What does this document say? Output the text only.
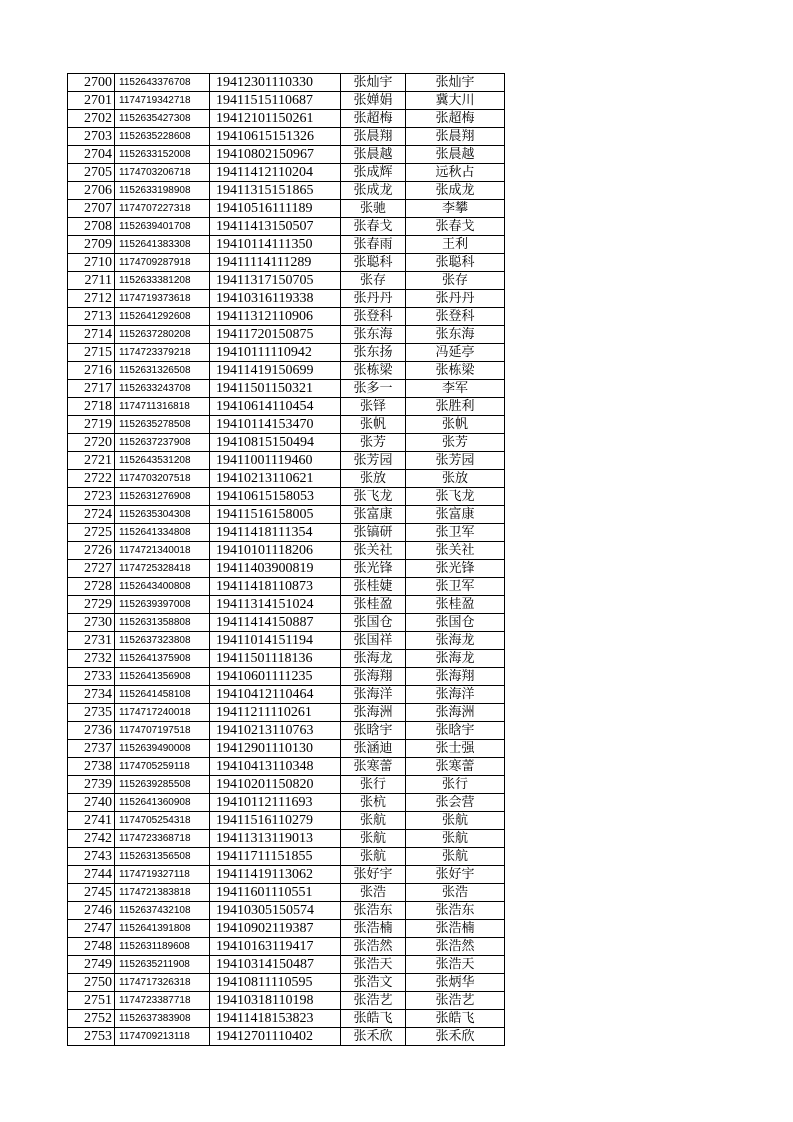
2700	1152643376708	19412301110330	张灿宇	张灿宇
2701	1174719342718	19411515110687	张婵娟	冀大川
2702	1152635427308	19412101150261	张超梅	张超梅
2703	1152635228608	19410615151326	张晨翔	张晨翔
2704	1152633152008	19410802150967	张晨越	张晨越
2705	1174703206718	19411412110204	张成辉	远秋占
2706	1152633198908	19411315151865	张成龙	张成龙
2707	1174707227318	19410516111189	张驰	李攀
2708	1152639401708	19411413150507	张春戈	张春戈
2709	1152641383308	19410114111350	张春雨	王利
2710	1174709287918	19411114111289	张聪科	张聪科
2711	1152633381208	19411317150705	张存	张存
2712	1174719373618	19410316119338	张丹丹	张丹丹
2713	1152641292608	19411312110906	张登科	张登科
2714	1152637280208	19411720150875	张东海	张东海
2715	1174723379218	19410111110942	张东扬	冯延亭
2716	1152631326508	19411419150699	张栋梁	张栋梁
2717	1152633243708	19411501150321	张多一	李军
2718	1174711316818	19410614110454	张铎	张胜利
2719	1152635278508	19410114153470	张帆	张帆
2720	1152637237908	19410815150494	张芳	张芳
2721	1152643531208	19411001119460	张芳园	张芳园
2722	1174703207518	19410213110621	张放	张放
2723	1152631276908	19410615158053	张飞龙	张飞龙
2724	1152635304308	19411516158005	张富康	张富康
2725	1152641334808	19411418111354	张镐研	张卫军
2726	1174721340018	19410101118206	张关社	张关社
2727	1174725328418	19411403900819	张光锋	张光锋
2728	1152643400808	19411418110873	张桂婕	张卫军
2729	1152639397008	19411314151024	张桂盈	张桂盈
2730	1152631358808	19411414150887	张国仓	张国仓
2731	1152637323808	19411014151194	张国祥	张海龙
2732	1152641375908	19411501118136	张海龙	张海龙
2733	1152641356908	19410601111235	张海翔	张海翔
2734	1152641458108	19410412110464	张海洋	张海洋
2735	1174717240018	19411211110261	张海洲	张海洲
2736	1174707197518	19410213110763	张晗宇	张晗宇
2737	1152639490008	19412901110130	张涵迪	张士强
2738	1174705259118	19410413110348	张寒蕾	张寒蕾
2739	1152639285508	19410201150820	张行	张行
2740	1152641360908	19410112111693	张杭	张会营
2741	1174705254318	19411516110279	张航	张航
2742	1174723368718	19411313119013	张航	张航
2743	1152631356508	19411711151855	张航	张航
2744	1174719327118	19411419113062	张好宇	张好宇
2745	1174721383818	19411601110551	张浩	张浩
2746	1152637432108	19410305150574	张浩东	张浩东
2747	1152641391808	19410902119387	张浩楠	张浩楠
2748	1152631189608	19410163119417	张浩然	张浩然
2749	1152635211908	19410314150487	张浩天	张浩天
2750	1174717326318	19410811110595	张浩文	张炳华
2751	1174723387718	19410318110198	张浩艺	张浩艺
2752	1152637383908	19411418153823	张皓飞	张皓飞
2753	1174709213118	19412701110402	张禾欣	张禾欣
